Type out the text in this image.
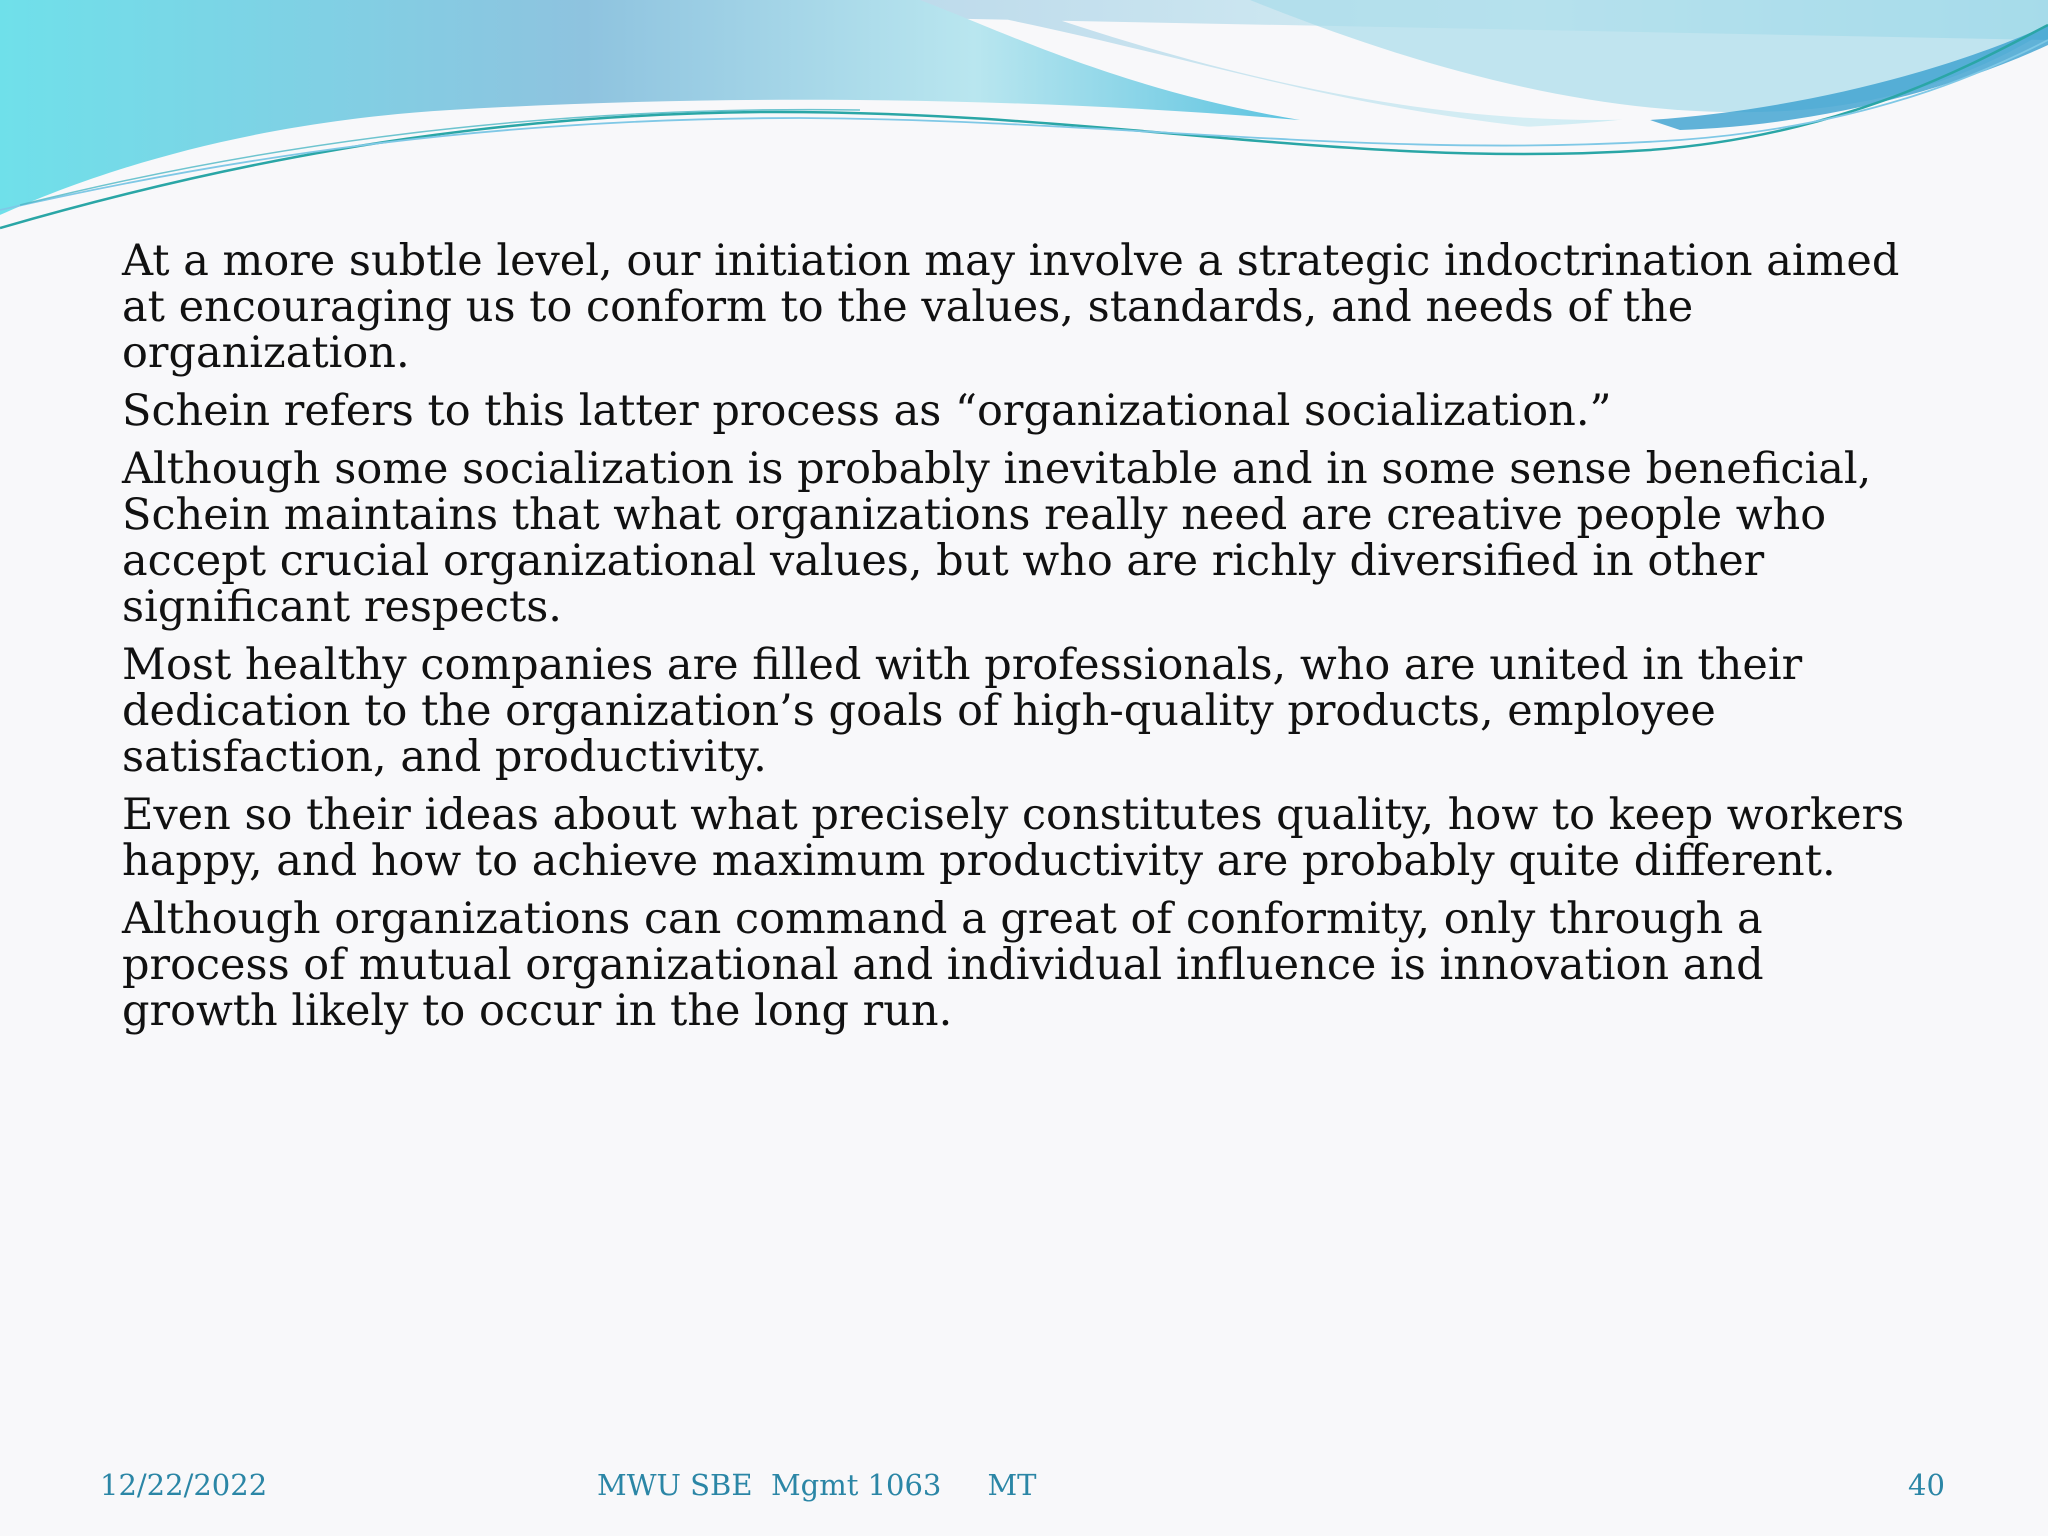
At a more subtle level, our initiation may involve a strategic indoctrination aimed at encouraging us to conform to the values, standards, and needs of the organization.

Schein refers to this latter process as “organizational socialization.”

Although some socialization is probably inevitable and in some sense beneficial, Schein maintains that what organizations really need are creative people who accept crucial organizational values, but who are richly diversified in other significant respects.

Most healthy companies are filled with professionals, who are united in their dedication to the organization’s goals of high-quality products, employee satisfaction, and productivity.

Even so their ideas about what precisely constitutes quality, how to keep workers happy, and how to achieve maximum productivity are probably quite different.

Although organizations can command a great of conformity, only through a process of mutual organizational and individual influence is innovation and growth likely to occur in the long run.

12/22/2022	MWU SBE  Mgmt 1063     MT	40
